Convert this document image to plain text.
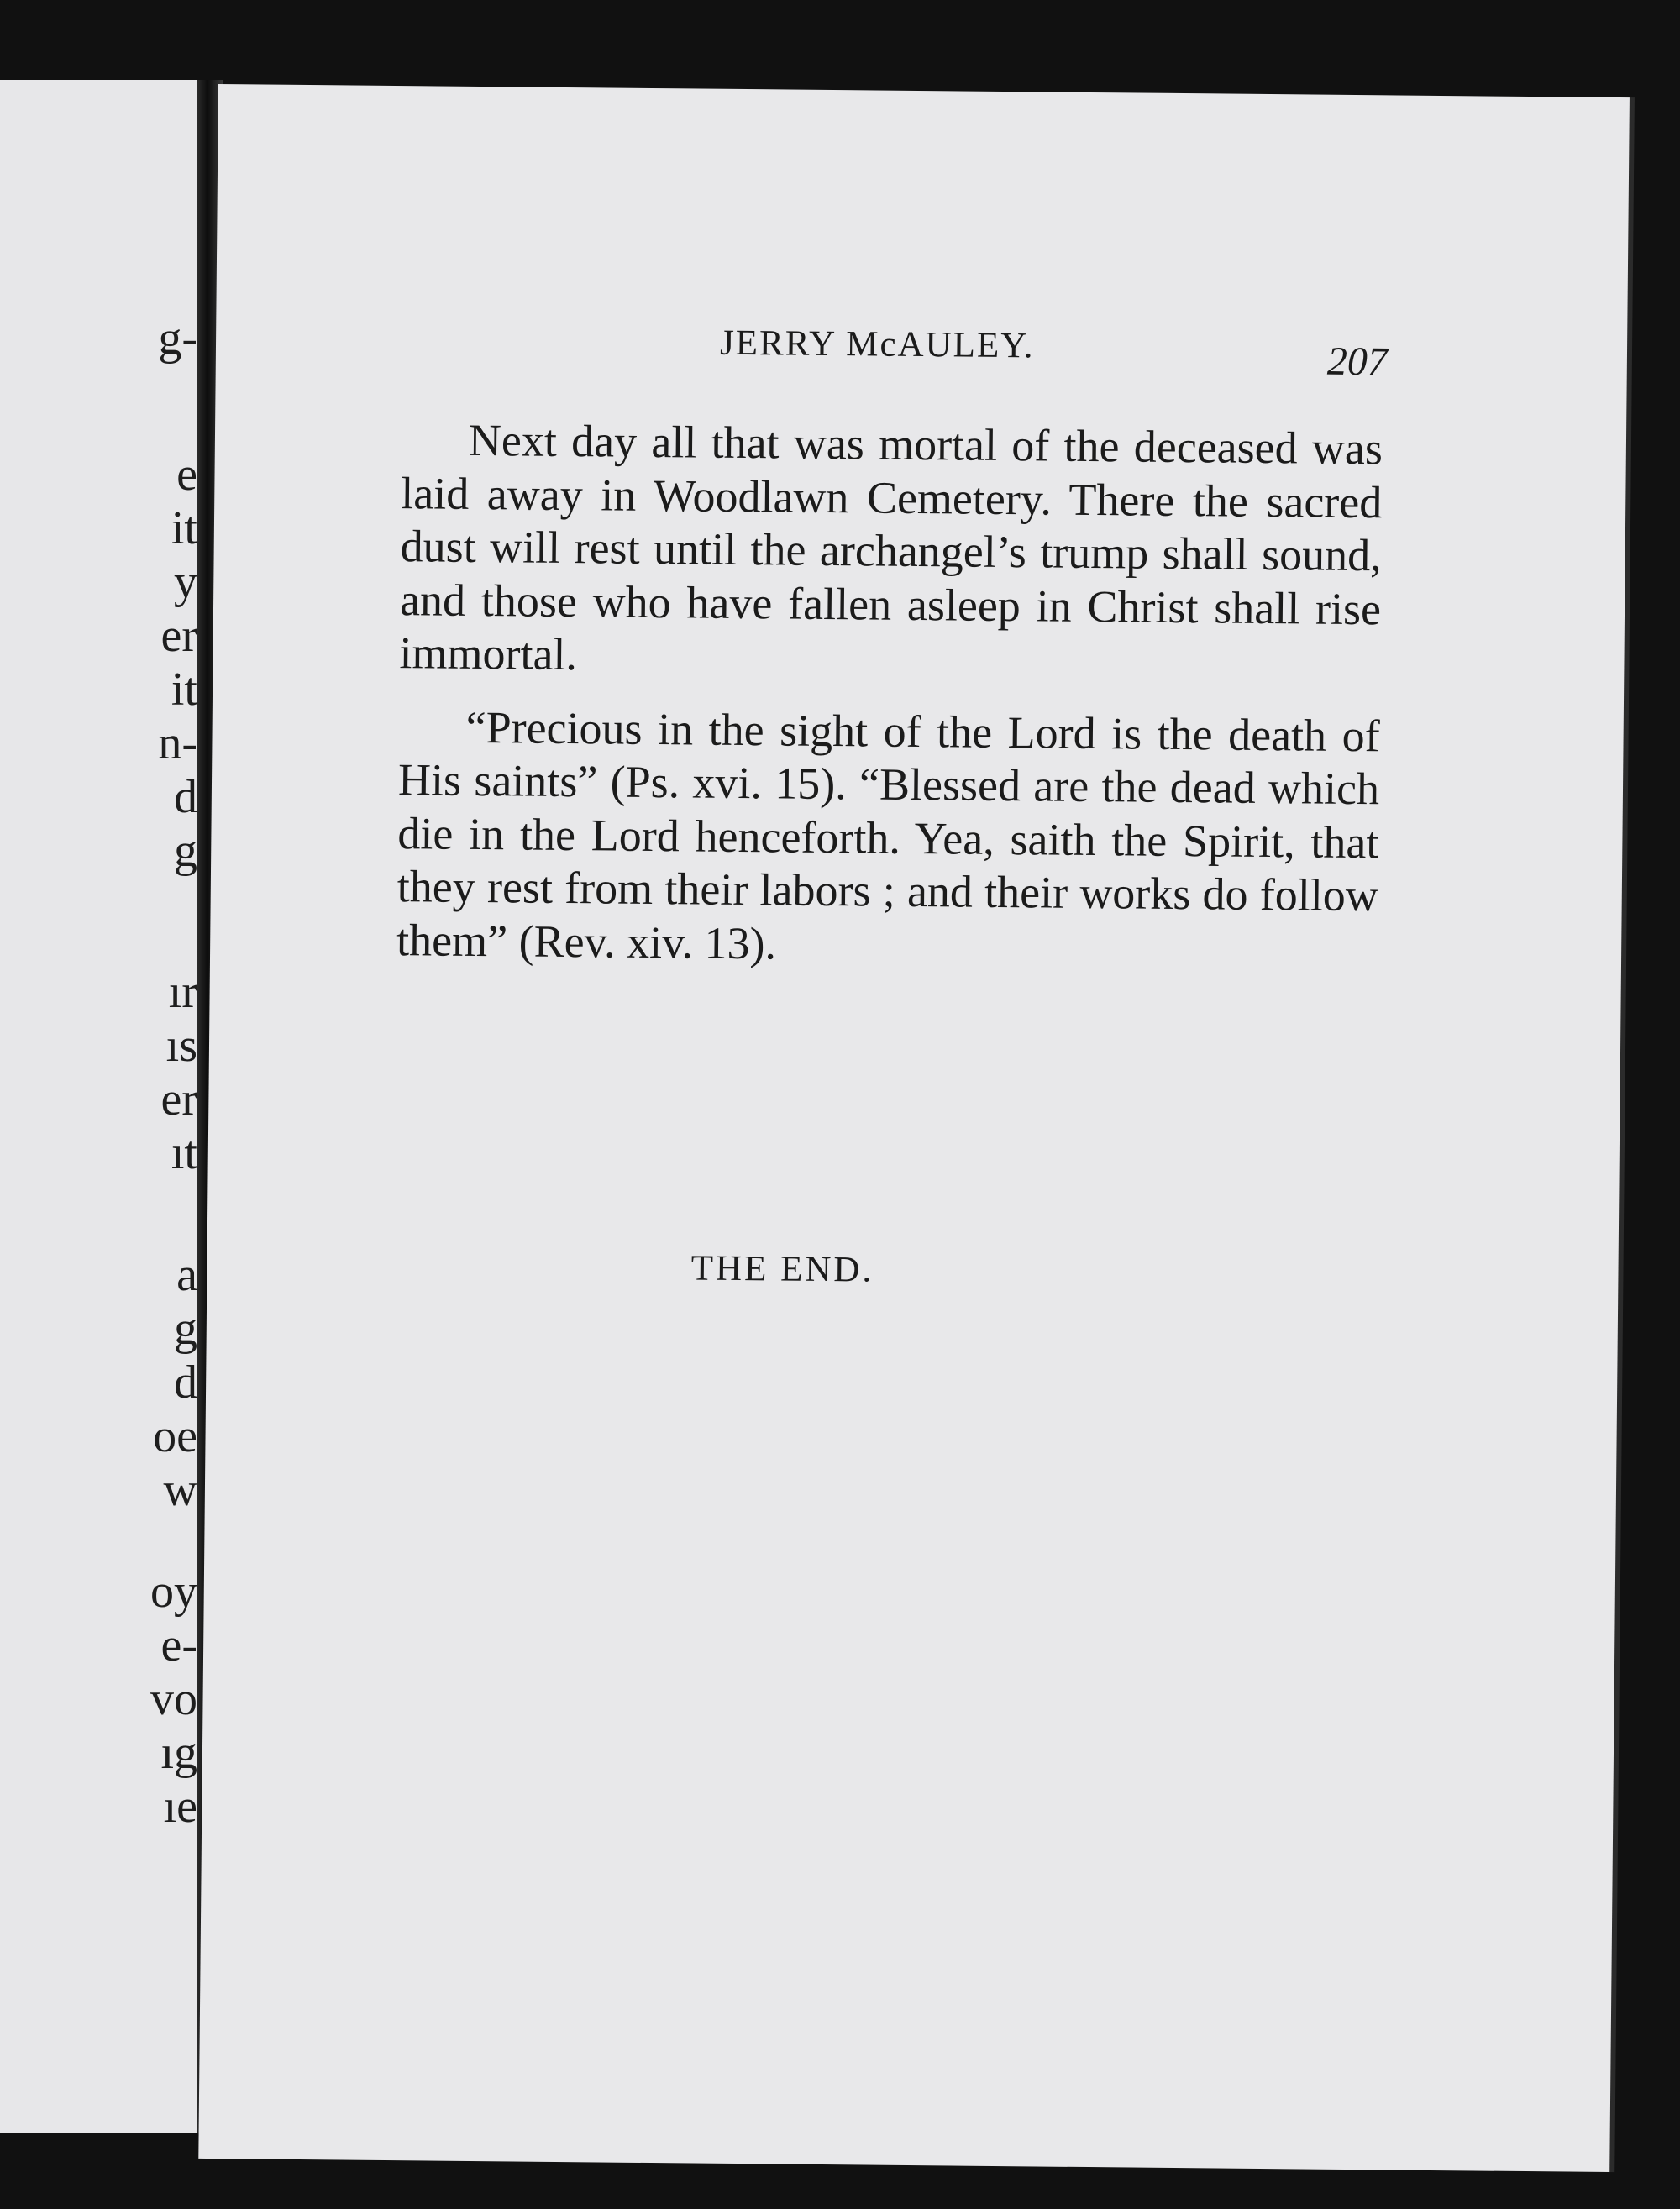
g-
e
it
y
er
it
n-
d
g
ır
ıs
er
ıt
a
g
d
oe
w
oy
e-
vo
ıg
ıe
JERRY McAULEY.	207

Next day all that was mortal of the deceased was laid away in Woodlawn Cemetery. There the sacred dust will rest until the archangel’s trump shall sound, and those who have fallen asleep in Christ shall rise immortal.

“Precious in the sight of the Lord is the death of His saints” (Ps. xvi. 15). “Blessed are the dead which die in the Lord henceforth. Yea, saith the Spirit, that they rest from their labors ; and their works do follow them” (Rev. xiv. 13).

THE END.
